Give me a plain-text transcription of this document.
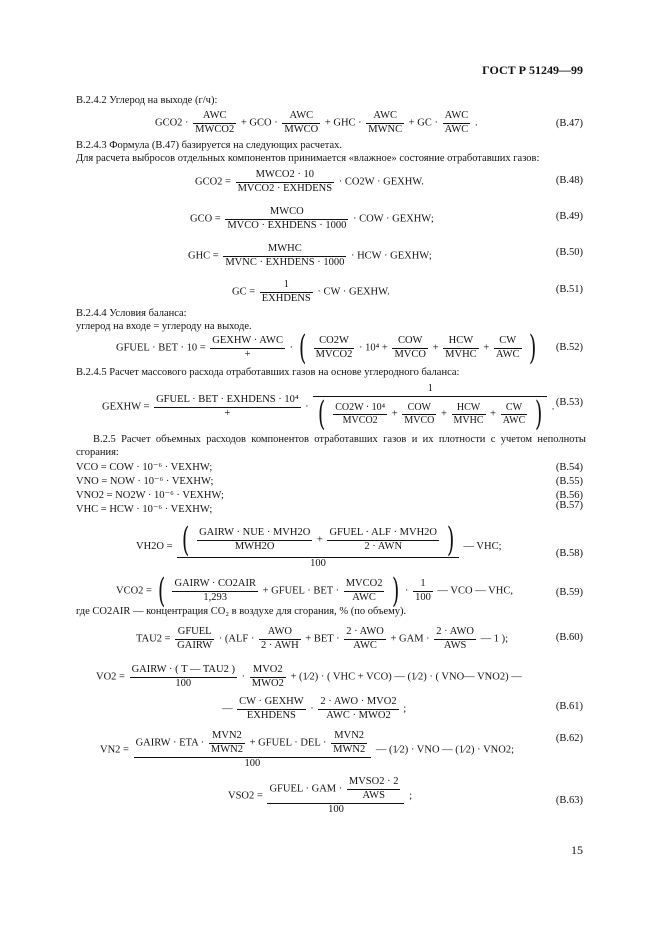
ГОСТ Р 51249—99
В.2.4.2 Углерод на выходе (г/ч):
GCO2 ·
AWC
MWCO2
+ GCO ·
AWC
MWCO
+ GHC ·
AWC
MWNC
+ GC ·
AWC
AWC
.	(В.47)
В.2.4.3 Формула (В.47) базируется на следующих расчетах.
Для расчета выбросов отдельных компонентов принимается «влажное» состояние отработавших газов:
GCO2 =
MWCO2 · 10
MVCO2 · EXHDENS
· CO2W · GEXHW.	(В.48)
GCO =
MWCO
MVCO · EXHDENS · 1000
· COW · GEXHW;	(В.49)
GHC =
MWHC
MVNC · EXHDENS · 1000
· HCW · GEXHW;	(В.50)
GC =
1
EXHDENS
· CW · GEXHW.	(В.51)
В.2.4.4 Условия баланса:
углерод на входе = углероду на выходе.
GFUEL · BET · 10 =
GEXHW · AWC
+
· (	CO2W
MVCO2
· 10⁴ +
COW
MVCO
+
HCW
MVHC
+
CW
AWC ) (В.52)
В.2.4.5 Расчет массового расхода отработавших газов на основе углеродного баланса:
GEXHW =
GFUEL · BET · EXHDENS · 10⁴
+
·
1
( CO2W · 10⁴
MVCO2
+
COW
MVCO
+
HCW
MVHC
+
CW
AWC ) . (В.53)
В.2.5 Расчет объемных расходов компонентов отработавших газов и их плотности с учетом неполноты сгорания:
VCO = COW · 10⁻⁶ · VEXHW;	(В.54)
VNO = NOW · 10⁻⁶ · VEXHW;	(В.55)
VNO2 = NO2W · 10⁻⁶ · VEXHW;	(В.56)
VHC = HCW · 10⁻⁶ · VEXHW;	(В.57)
VH2O = ( GAIRW · NUE · MVH2O
MWH2O
+
GFUEL · ALF · MVH2O
2 · AWN	)
100
— VHC;
(В.58)
VCO2 = ( GAIRW · CO2AIR
1,293
+ GFUEL · BET ·
MVCO2
AWC ) · $\frac{1}{100}$ — VCO — VHC,	(В.59)
где CO2AIR — концентрация CO₂ в воздухе для сгорания, % (по объему).
TAU2 =
GFUEL
GAIRW
· (ALF ·
AWO
2 · AWH
+ BET ·
2 · AWO
AWC
+ GAM ·
2 · AWO
AWS
— 1 );	(В.60)
VO2 =
GAIRW · ( T — TAU2 )
100
·
MVO2
MWO2
+ (1⁄2) · ( VHC + VCO) — (1⁄2) · ( VNO— VNO2) —
—
CW · GEXHW
EXHDENS
·
2 · AWO · MVO2
AWC · MWO2
;	(В.61)
VN2 =
GAIRW · ETA ·
MVN2
MWN2
+ GFUEL · DEL ·
MVN2
MWN2
100
— (1⁄2) · VNO — (1⁄2) · VNO2;
(В.62)
VSO2 =
GFUEL · GAM ·
MVSO2 · 2
AWS
100
;	(В.63)
15
